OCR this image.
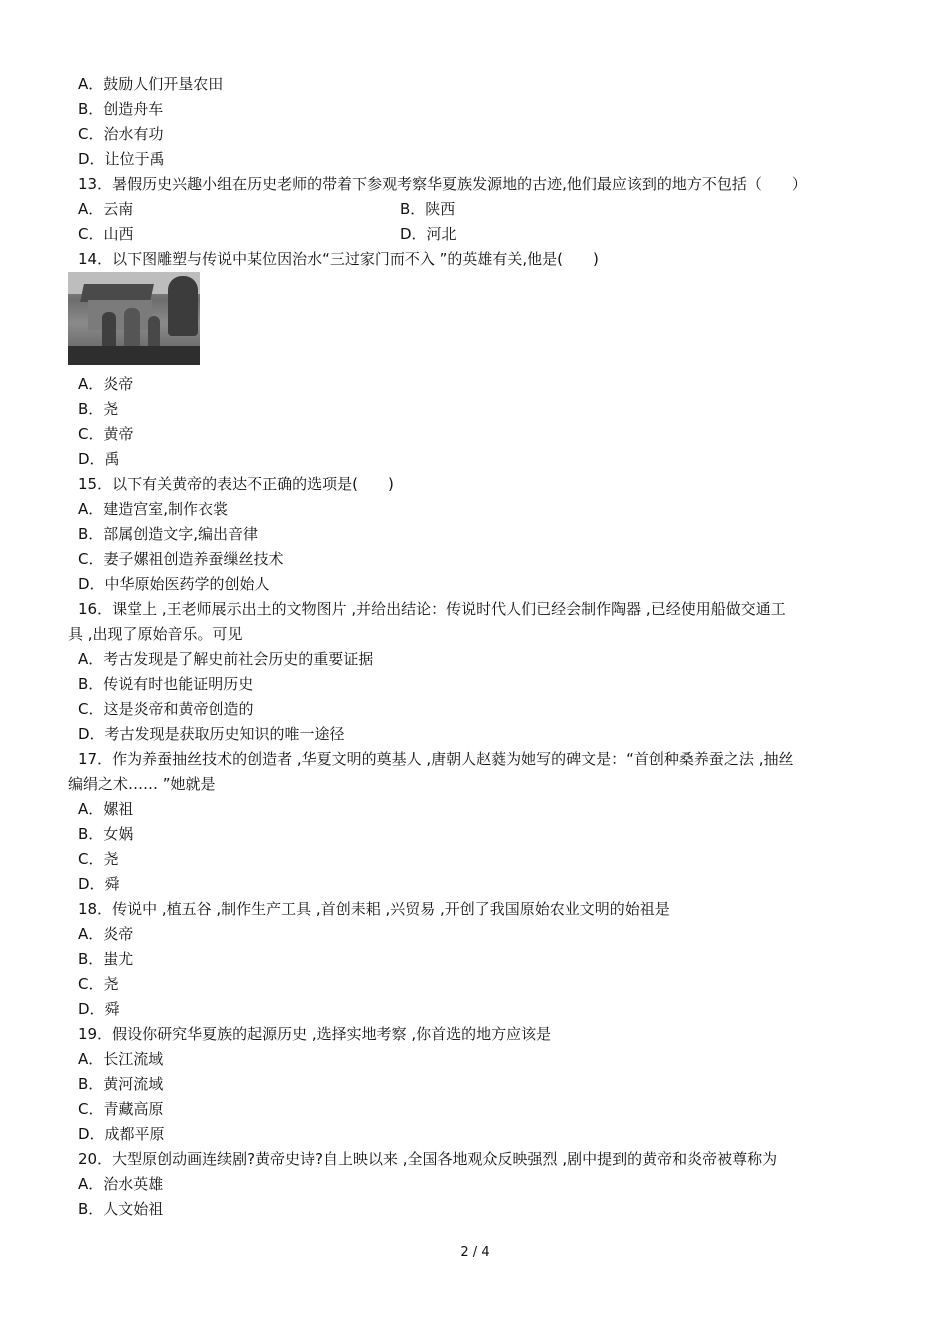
A．鼓励人们开垦农田
B．创造舟车
C．治水有功
D．让位于禹
13．暑假历史兴趣小组在历史老师的带着下参观考察华夏族发源地的古迹,他们最应该到的地方不包括（　　）
A．云南	B．陕西
C．山西	D．河北
14．以下图雕塑与传说中某位因治水“三过家门而不入 ”的英雄有关,他是(　　)
A．炎帝
B．尧
C．黄帝
D．禹
15．以下有关黄帝的表达不正确的选项是(　　)
A．建造宫室,制作衣裳
B．部属创造文字,编出音律
C．妻子嫘祖创造养蚕缫丝技术
D．中华原始医药学的创始人
16．课堂上 ,王老师展示出土的文物图片 ,并给出结论：传说时代人们已经会制作陶器 ,已经使用船做交通工
具 ,出现了原始音乐。可见
A．考古发现是了解史前社会历史的重要证据
B．传说有时也能证明历史
C．这是炎帝和黄帝创造的
D．考古发现是获取历史知识的唯一途径
17．作为养蚕抽丝技术的创造者 ,华夏文明的奠基人 ,唐朝人赵蕤为她写的碑文是：“首创种桑养蚕之法 ,抽丝
编绢之术…… ”她就是
A．嫘祖
B．女娲
C．尧
D．舜
18．传说中 ,植五谷 ,制作生产工具 ,首创耒耜 ,兴贸易 ,开创了我国原始农业文明的始祖是
A．炎帝
B．蚩尤
C．尧
D．舜
19．假设你研究华夏族的起源历史 ,选择实地考察 ,你首选的地方应该是
A．长江流域
B．黄河流域
C．青藏高原
D．成都平原
20．大型原创动画连续剧?黄帝史诗?自上映以来 ,全国各地观众反映强烈 ,剧中提到的黄帝和炎帝被尊称为
A．治水英雄
B．人文始祖
2 / 4
